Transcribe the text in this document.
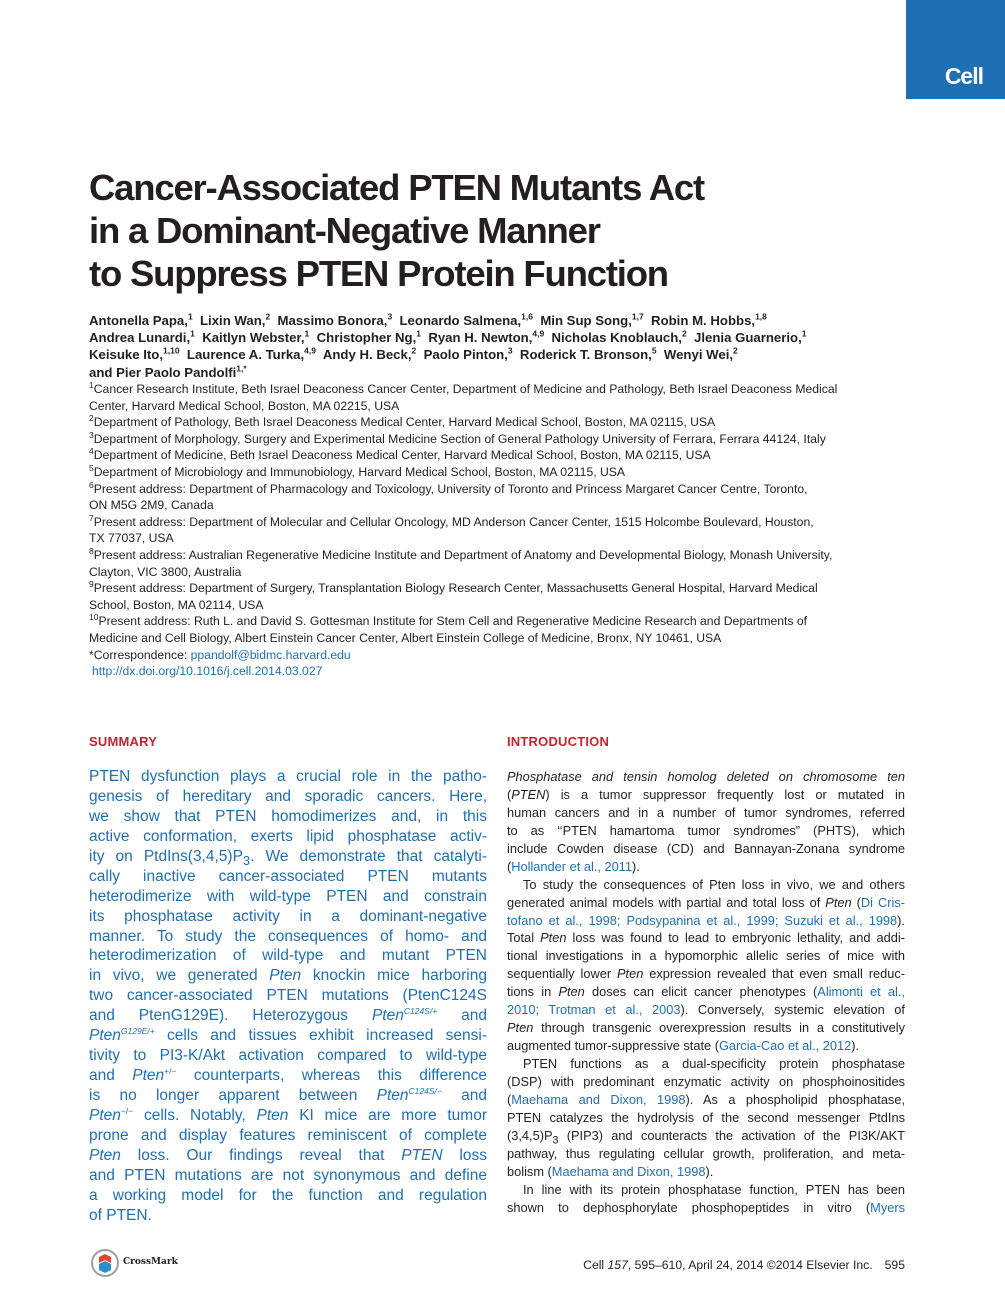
Cell
Cancer-Associated PTEN Mutants Act
in a Dominant-Negative Manner
to Suppress PTEN Protein Function
Antonella Papa,$^1$ Lixin Wan,$^2$ Massimo Bonora,$^3$ Leonardo Salmena,$^{1,6}$ Min Sup Song,$^{1,7}$ Robin M. Hobbs,$^{1,8}$
Andrea Lunardi,$^1$ Kaitlyn Webster,$^1$ Christopher Ng,$^1$ Ryan H. Newton,$^{4,9}$ Nicholas Knoblauch,$^2$ Jlenia Guarnerio,$^1$
Keisuke Ito,$^{1,10}$ Laurence A. Turka,$^{4,9}$ Andy H. Beck,$^2$ Paolo Pinton,$^3$ Roderick T. Bronson,$^5$ Wenyi Wei,$^2$
and Pier Paolo Pandolfi$^{1,*}$
$^1$Cancer Research Institute, Beth Israel Deaconess Cancer Center, Department of Medicine and Pathology, Beth Israel Deaconess Medical
Center, Harvard Medical School, Boston, MA 02215, USA
$^2$Department of Pathology, Beth Israel Deaconess Medical Center, Harvard Medical School, Boston, MA 02115, USA
$^3$Department of Morphology, Surgery and Experimental Medicine Section of General Pathology University of Ferrara, Ferrara 44124, Italy
$^4$Department of Medicine, Beth Israel Deaconess Medical Center, Harvard Medical School, Boston, MA 02115, USA
$^5$Department of Microbiology and Immunobiology, Harvard Medical School, Boston, MA 02115, USA
$^6$Present address: Department of Pharmacology and Toxicology, University of Toronto and Princess Margaret Cancer Centre, Toronto,
ON M5G 2M9, Canada
$^7$Present address: Department of Molecular and Cellular Oncology, MD Anderson Cancer Center, 1515 Holcombe Boulevard, Houston,
TX 77037, USA
$^8$Present address: Australian Regenerative Medicine Institute and Department of Anatomy and Developmental Biology, Monash University,
Clayton, VIC 3800, Australia
$^9$Present address: Department of Surgery, Transplantation Biology Research Center, Massachusetts General Hospital, Harvard Medical
School, Boston, MA 02114, USA
$^{10}$Present address: Ruth L. and David S. Gottesman Institute for Stem Cell and Regenerative Medicine Research and Departments of
Medicine and Cell Biology, Albert Einstein Cancer Center, Albert Einstein College of Medicine, Bronx, NY 10461, USA
*Correspondence: ppandolf@bidmc.harvard.edu
http://dx.doi.org/10.1016/j.cell.2014.03.027
SUMMARY	INTRODUCTION
PTEN dysfunction plays a crucial role in the patho-
genesis of hereditary and sporadic cancers. Here,
we show that PTEN homodimerizes and, in this
active conformation, exerts lipid phosphatase activ-
ity on $PtdIns(3,4,5)P_3$. We demonstrate that catalyti-
cally inactive cancer-associated PTEN mutants
heterodimerize with wild-type PTEN and constrain
its phosphatase activity in a dominant-negative
manner. To study the consequences of homo- and
heterodimerization of wild-type and mutant PTEN
in vivo, we generated Pten knockin mice harboring
two cancer-associated PTEN mutations (PtenC124S
and PtenG129E). Heterozygous Pten$^{C124S/+}$ and
Pten$^{G129E/+}$ cells and tissues exhibit increased sensi-
tivity to PI3-K/Akt activation compared to wild-type
and Pten+/− counterparts, whereas this difference
is no longer apparent between Pten$^{C124S/-}$ and
Pten−/− cells. Notably, Pten KI mice are more tumor
prone and display features reminiscent of complete
Pten loss. Our findings reveal that PTEN loss
and PTEN mutations are not synonymous and define
a working model for the function and regulation
of PTEN.
Phosphatase and tensin homolog deleted on chromosome ten
(PTEN) is a tumor suppressor frequently lost or mutated in
human cancers and in a number of tumor syndromes, referred
to as ‘‘PTEN hamartoma tumor syndromes” (PHTS), which
include Cowden disease (CD) and Bannayan-Zonana syndrome
(Hollander et al., 2011).
To study the consequences of Pten loss in vivo, we and others
generated animal models with partial and total loss of Pten (Di Cris-
tofano et al., 1998; Podsypanina et al., 1999; Suzuki et al., 1998).
Total Pten loss was found to lead to embryonic lethality, and addi-
tional investigations in a hypomorphic allelic series of mice with
sequentially lower Pten expression revealed that even small reduc-
tions in Pten doses can elicit cancer phenotypes (Alimonti et al.,
2010; Trotman et al., 2003). Conversely, systemic elevation of
Pten through transgenic overexpression results in a constitutively
augmented tumor-suppressive state (Garcia-Cao et al., 2012).
PTEN functions as a dual-specificity protein phosphatase
(DSP) with predominant enzymatic activity on phosphoinositides
(Maehama and Dixon, 1998). As a phospholipid phosphatase,
PTEN catalyzes the hydrolysis of the second messenger PtdIns
$(3,4,5)P_3$ (PIP3) and counteracts the activation of the PI3K/AKT
pathway, thus regulating cellular growth, proliferation, and meta-
bolism (Maehama and Dixon, 1998).
In line with its protein phosphatase function, PTEN has been
shown to dephosphorylate phosphopeptides in vitro (Myers
CrossMark	Cell 157, 595–610, April 24, 2014 ©2014 Elsevier Inc. 595
